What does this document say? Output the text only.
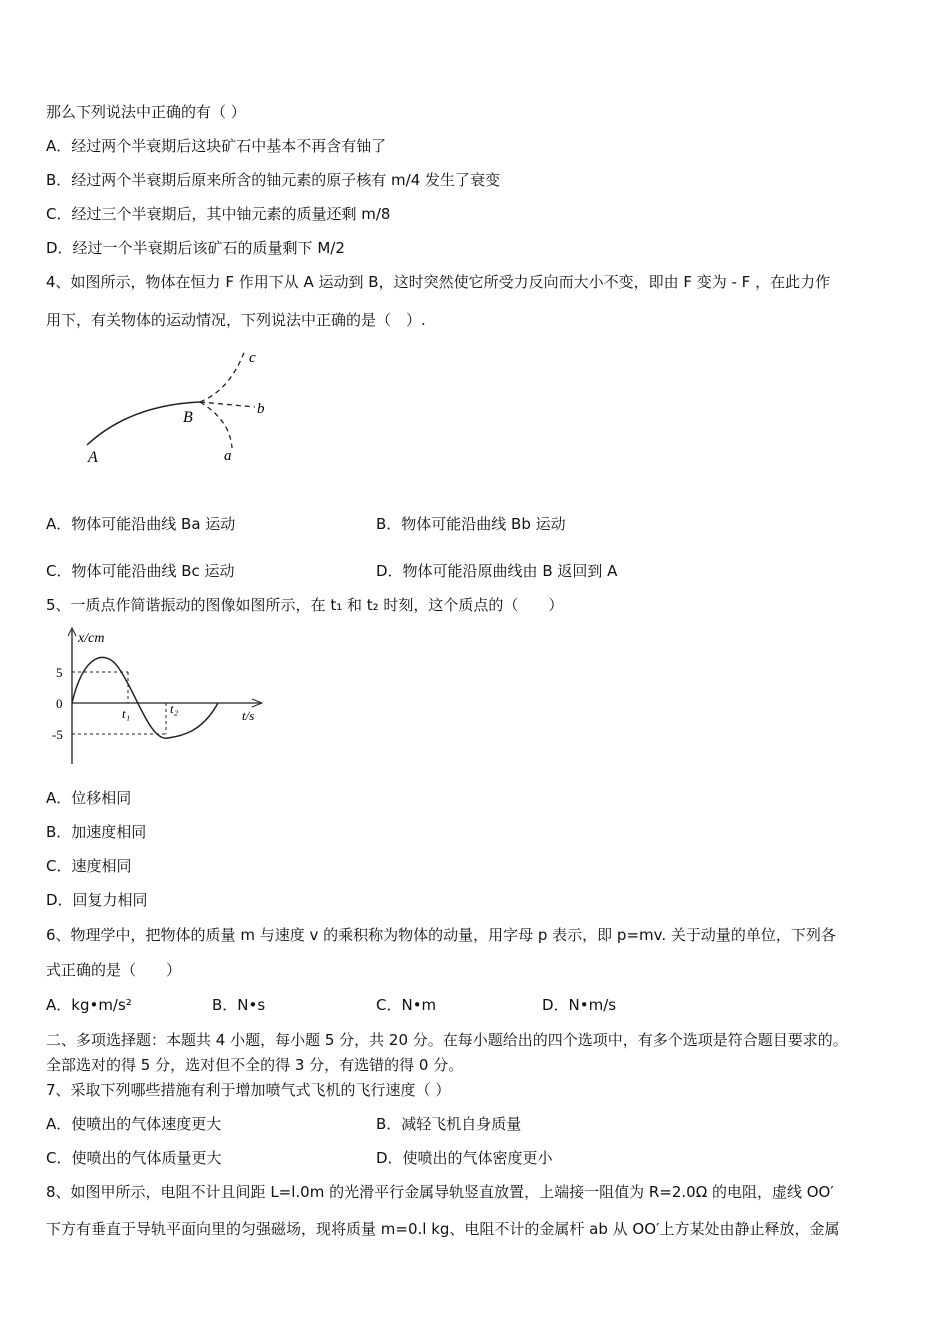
那么下列说法中正确的有（ ）
A．经过两个半衰期后这块矿石中基本不再含有铀了
B．经过两个半衰期后原来所含的铀元素的原子核有 m/4 发生了衰变
C．经过三个半衰期后，其中铀元素的质量还剩 m/8
D．经过一个半衰期后该矿石的质量剩下 M/2
4、如图所示，物体在恒力 F 作用下从 A 运动到 B，这时突然使它所受力反向而大小不变，即由 F 变为 - F ，在此力作
用下，有关物体的运动情况，下列说法中正确的是（　）.
A
B
a
b
c
A．物体可能沿曲线 Ba 运动	B．物体可能沿曲线 Bb 运动
C．物体可能沿曲线 Bc 运动	D．物体可能沿原曲线由 B 返回到 A
5、一质点作简谐振动的图像如图所示，在 t₁ 和 t₂ 时刻，这个质点的（　　）
x/cm
5
0
-5
t₁	t₂	t/s
A．位移相同
B．加速度相同
C．速度相同
D．回复力相同
6、物理学中，把物体的质量 m 与速度 v 的乘积称为物体的动量，用字母 p 表示，即 p=mv. 关于动量的单位，下列各
式正确的是（　　）
A．kg•m/s²	B．N•s	C．N•m	D．N•m/s
二、多项选择题：本题共 4 小题，每小题 5 分，共 20 分。在每小题给出的四个选项中，有多个选项是符合题目要求的。
全部选对的得 5 分，选对但不全的得 3 分，有选错的得 0 分。
7、采取下列哪些措施有利于增加喷气式飞机的飞行速度（ ）
A．使喷出的气体速度更大	B．减轻飞机自身质量
C．使喷出的气体质量更大	D．使喷出的气体密度更小
8、如图甲所示，电阻不计且间距 L=l.0m 的光滑平行金属导轨竖直放置，上端接一阻值为 R=2.0Ω 的电阻，虚线 OO′
下方有垂直于导轨平面向里的匀强磁场，现将质量 m=0.l kg、电阻不计的金属杆 ab 从 OO′上方某处由静止释放，金属
